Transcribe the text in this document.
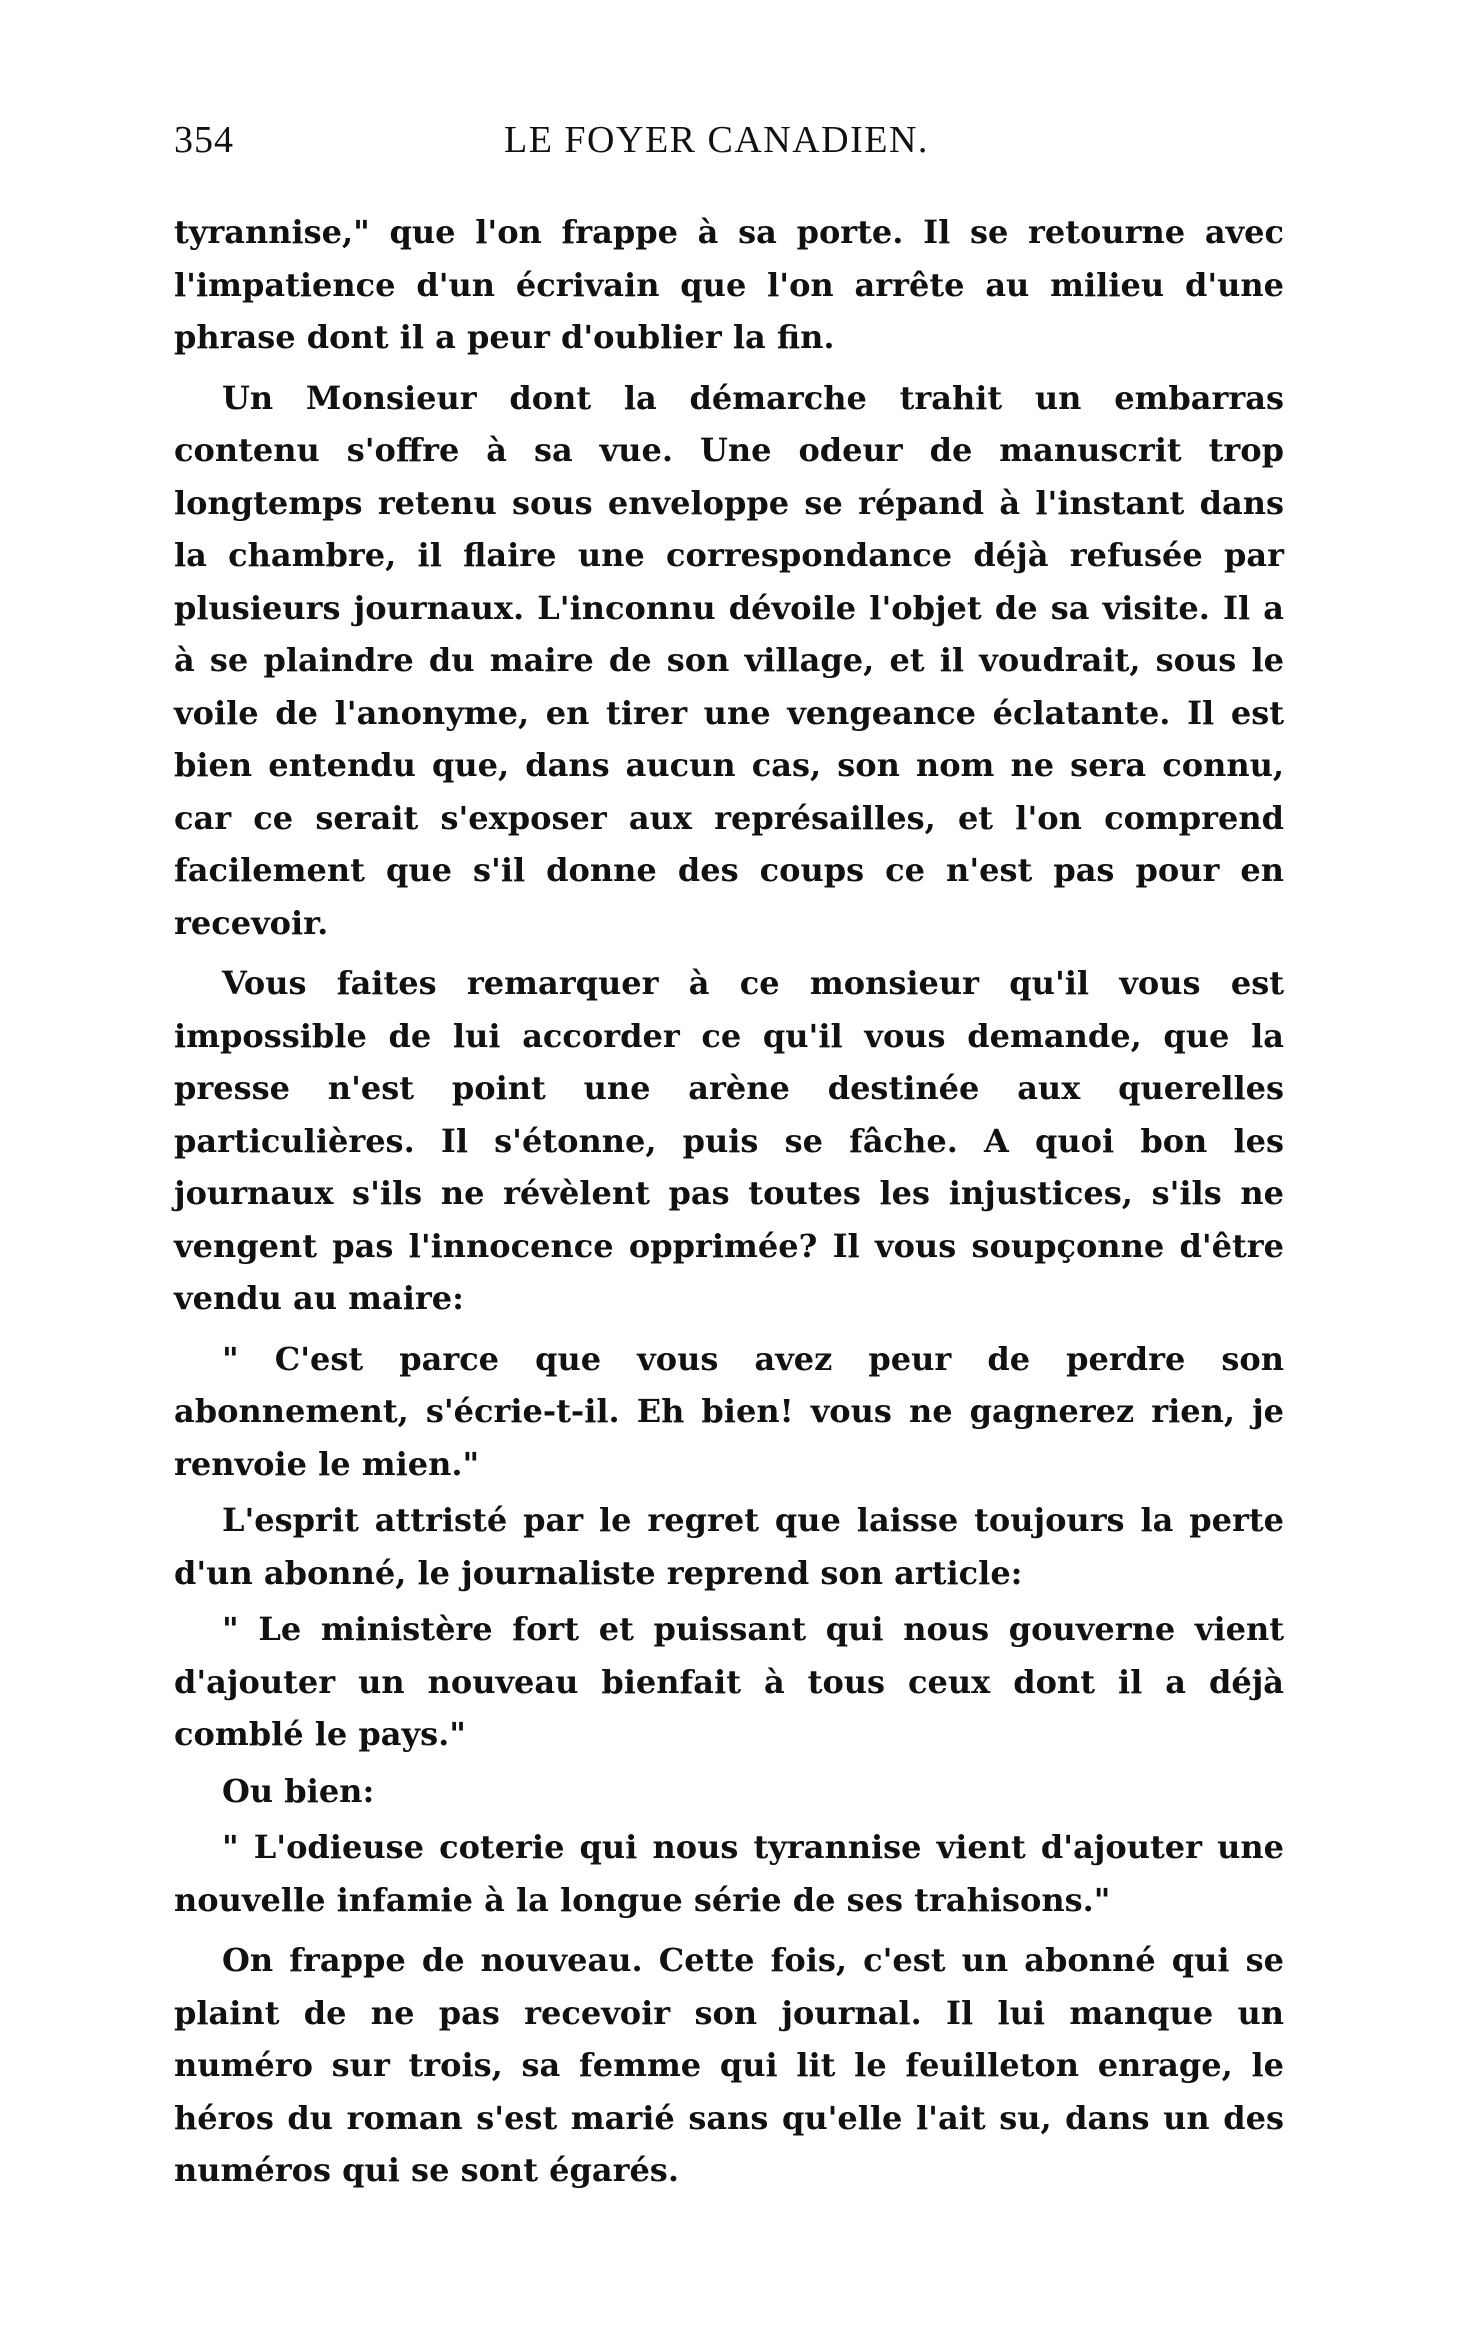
354	LE FOYER CANADIEN.

tyrannise," que l'on frappe à sa porte. Il se retourne avec l'impatience d'un écrivain que l'on arrête au milieu d'une phrase dont il a peur d'oublier la fin.

Un Monsieur dont la démarche trahit un embarras contenu s'offre à sa vue. Une odeur de manuscrit trop longtemps retenu sous enveloppe se répand à l'instant dans la chambre, il flaire une correspondance déjà refusée par plusieurs journaux. L'inconnu dévoile l'objet de sa visite. Il a à se plaindre du maire de son village, et il voudrait, sous le voile de l'anonyme, en tirer une vengeance éclatante. Il est bien entendu que, dans aucun cas, son nom ne sera connu, car ce serait s'exposer aux représailles, et l'on comprend facilement que s'il donne des coups ce n'est pas pour en recevoir.

Vous faites remarquer à ce monsieur qu'il vous est impossible de lui accorder ce qu'il vous demande, que la presse n'est point une arène destinée aux querelles particulières. Il s'étonne, puis se fâche. A quoi bon les journaux s'ils ne révèlent pas toutes les injustices, s'ils ne vengent pas l'innocence opprimée? Il vous soupçonne d'être vendu au maire:

" C'est parce que vous avez peur de perdre son abonnement, s'écrie-t-il. Eh bien! vous ne gagnerez rien, je renvoie le mien."

L'esprit attristé par le regret que laisse toujours la perte d'un abonné, le journaliste reprend son article:

" Le ministère fort et puissant qui nous gouverne vient d'ajouter un nouveau bienfait à tous ceux dont il a déjà comblé le pays."

Ou bien:

" L'odieuse coterie qui nous tyrannise vient d'ajouter une nouvelle infamie à la longue série de ses trahisons."

On frappe de nouveau. Cette fois, c'est un abonné qui se plaint de ne pas recevoir son journal. Il lui manque un numéro sur trois, sa femme qui lit le feuilleton enrage, le héros du roman s'est marié sans qu'elle l'ait su, dans un des numéros qui se sont égarés.
